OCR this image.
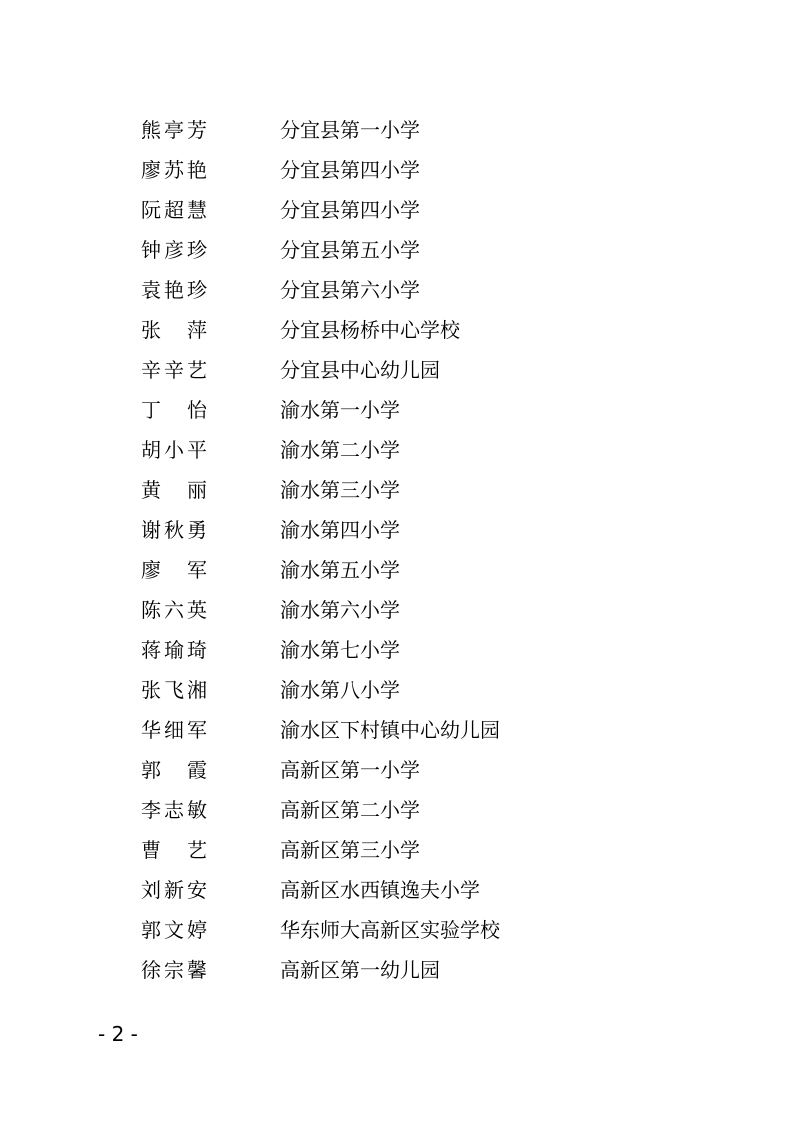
熊亭芳	分宜县第一小学
廖苏艳	分宜县第四小学
阮超慧	分宜县第四小学
钟彦珍	分宜县第五小学
袁艳珍	分宜县第六小学
张 萍	分宜县杨桥中心学校
辛辛艺	分宜县中心幼儿园
丁 怡	渝水第一小学
胡小平	渝水第二小学
黄 丽	渝水第三小学
谢秋勇	渝水第四小学
廖 军	渝水第五小学
陈六英	渝水第六小学
蒋瑜琦	渝水第七小学
张飞湘	渝水第八小学
华细军	渝水区下村镇中心幼儿园
郭 霞	高新区第一小学
李志敏	高新区第二小学
曹 艺	高新区第三小学
刘新安	高新区水西镇逸夫小学
郭文婷	华东师大高新区实验学校
徐宗馨	高新区第一幼儿园
- 2 -
